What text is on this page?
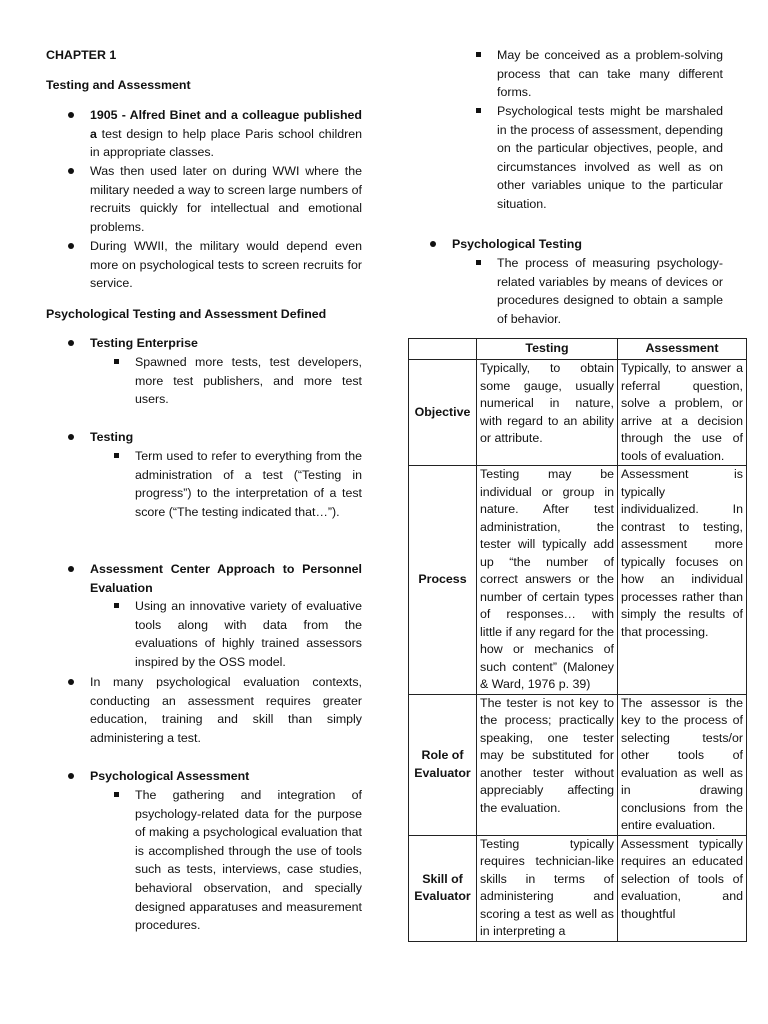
CHAPTER 1
Testing and Assessment
1905 - Alfred Binet and a colleague published a test design to help place Paris school children in appropriate classes.
Was then used later on during WWI where the military needed a way to screen large numbers of recruits quickly for intellectual and emotional problems.
During WWII, the military would depend even more on psychological tests to screen recruits for service.
Psychological Testing and Assessment Defined
Testing Enterprise
Spawned more tests, test developers, more test publishers, and more test users.
Testing
Term used to refer to everything from the administration of a test (“Testing in progress”) to the interpretation of a test score (“The testing indicated that…”).
Assessment Center Approach to Personnel Evaluation
Using an innovative variety of evaluative tools along with data from the evaluations of highly trained assessors inspired by the OSS model.
In many psychological evaluation contexts, conducting an assessment requires greater education, training and skill than simply administering a test.
Psychological Assessment
The gathering and integration of psychology-related data for the purpose of making a psychological evaluation that is accomplished through the use of tools such as tests, interviews, case studies, behavioral observation, and specially designed apparatuses and measurement procedures.
May be conceived as a problem-solving process that can take many different forms.
Psychological tests might be marshaled in the process of assessment, depending on the particular objectives, people, and circumstances involved as well as on other variables unique to the particular situation.
Psychological Testing
The process of measuring psychology-related variables by means of devices or procedures designed to obtain a sample of behavior.
	Testing	Assessment
Objective	Typically, to obtain some gauge, usually numerical in nature, with regard to an ability or attribute.	Typically, to answer a referral question, solve a problem, or arrive at a decision through the use of tools of evaluation.
Process	Testing may be individual or group in nature. After test administration, the tester will typically add up “the number of correct answers or the number of certain types of responses… with little if any regard for the how or mechanics of such content” (Maloney & Ward, 1976 p. 39)	Assessment is typically individualized. In contrast to testing, assessment more typically focuses on how an individual processes rather than simply the results of that processing.
Role of Evaluator	The tester is not key to the process; practically speaking, one tester may be substituted for another tester without appreciably affecting the evaluation.	The assessor is the key to the process of selecting tests/or other tools of evaluation as well as in drawing conclusions from the entire evaluation.
Skill of Evaluator	Testing typically requires technician-like skills in terms of administering and scoring a test as well as in interpreting a	Assessment typically requires an educated selection of tools of evaluation, and thoughtful
